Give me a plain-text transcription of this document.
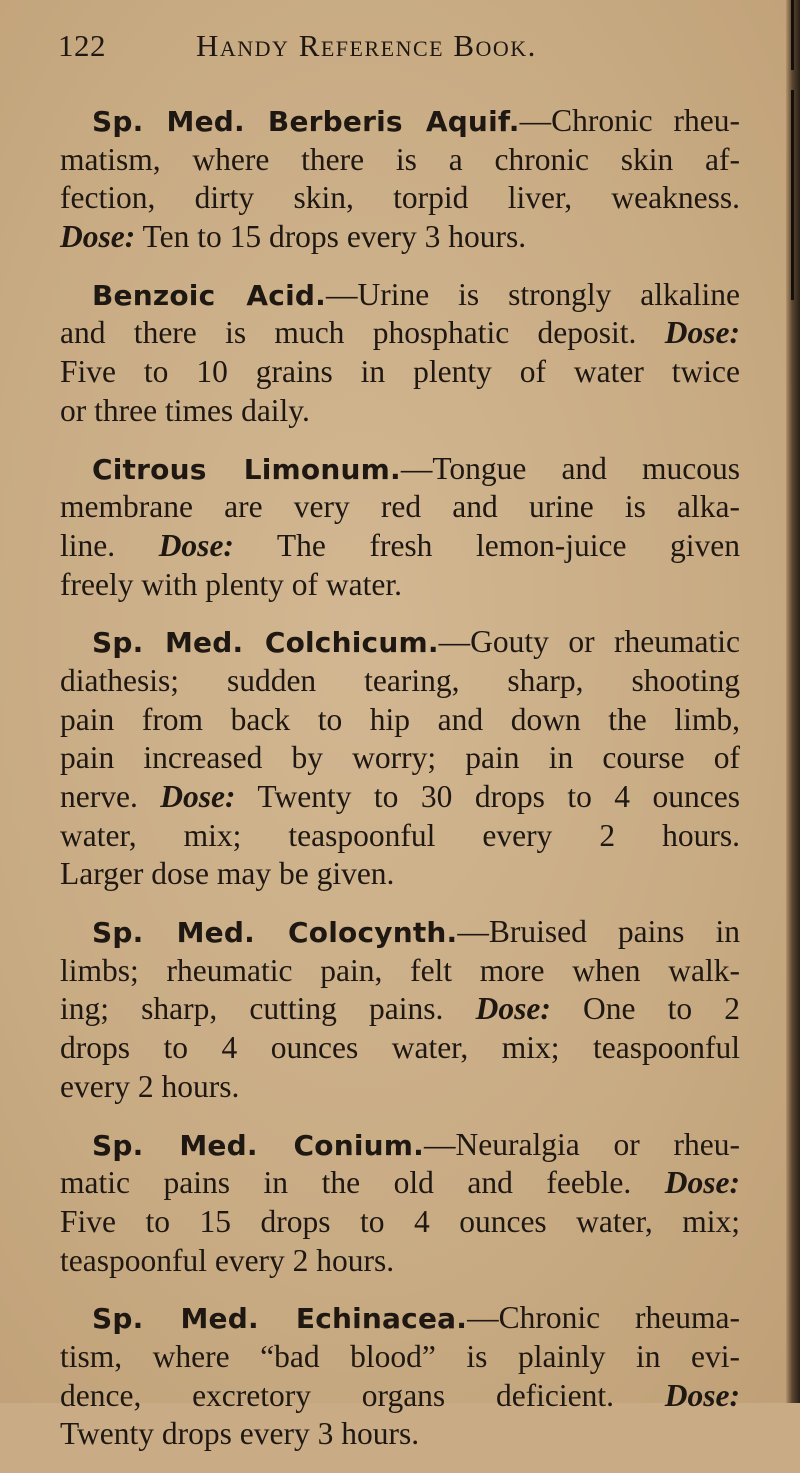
122	Handy Reference Book.
Sp. Med. Berberis Aquif.—Chronic rheu-
matism, where there is a chronic skin af-
fection, dirty skin, torpid liver, weakness.
Dose: Ten to 15 drops every 3 hours.
Benzoic Acid.—Urine is strongly alkaline
and there is much phosphatic deposit. Dose:
Five to 10 grains in plenty of water twice
or three times daily.
Citrous Limonum.—Tongue and mucous
membrane are very red and urine is alka-
line. Dose: The fresh lemon-juice given
freely with plenty of water.
Sp. Med. Colchicum.—Gouty or rheumatic
diathesis; sudden tearing, sharp, shooting
pain from back to hip and down the limb,
pain increased by worry; pain in course of
nerve. Dose: Twenty to 30 drops to 4 ounces
water, mix; teaspoonful every 2 hours.
Larger dose may be given.
Sp. Med. Colocynth.—Bruised pains in
limbs; rheumatic pain, felt more when walk-
ing; sharp, cutting pains. Dose: One to 2
drops to 4 ounces water, mix; teaspoonful
every 2 hours.
Sp. Med. Conium.—Neuralgia or rheu-
matic pains in the old and feeble. Dose:
Five to 15 drops to 4 ounces water, mix;
teaspoonful every 2 hours.
Sp. Med. Echinacea.—Chronic rheuma-
tism, where “bad blood” is plainly in evi-
dence, excretory organs deficient. Dose:
Twenty drops every 3 hours.
